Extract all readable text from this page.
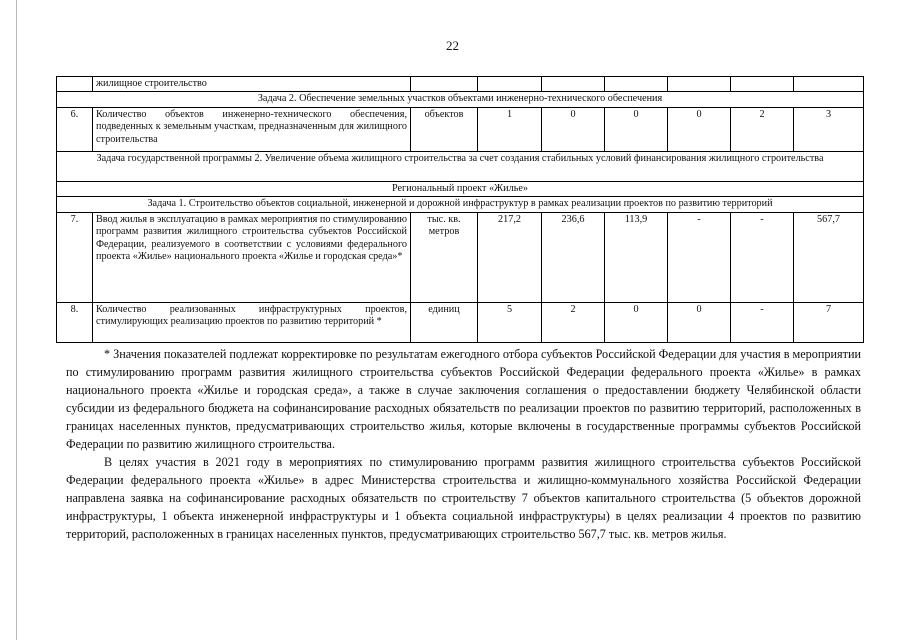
22
	жилищное строительство							
Задача 2. Обеспечение земельных участков объектами инженерно-технического обеспечения								
6.	Количество объектов инженерно-технического обеспечения, подведенных к земельным участкам, предназначенным для жилищного строительства	объектов	1	0	0	0	2	3
Задача государственной программы 2. Увеличение объема жилищного строительства за счет создания стабильных условий финансирования жилищного строительства								
Региональный проект «Жилье»								
Задача 1. Строительство объектов социальной, инженерной и дорожной инфраструктур в рамках реализации проектов по развитию территорий								
7.	Ввод жилья в эксплуатацию в рамках мероприятия по стимулированию программ развития жилищного строительства субъектов Российской Федерации, реализуемого в соответствии с условиями федерального проекта «Жилье» национального проекта «Жилье и городская среда»*	тыс. кв. метров	217,2	236,6	113,9	-	-	567,7
8.	Количество реализованных инфраструктурных проектов, стимулирующих реализацию проектов по развитию территорий *	единиц	5	2	0	0	-	7

* Значения показателей подлежат корректировке по результатам ежегодного отбора субъектов Российской Федерации для участия в мероприятии по стимулированию программ развития жилищного строительства субъектов Российской Федерации федерального проекта «Жилье» в рамках национального проекта «Жилье и городская среда», а также в случае заключения соглашения о предоставлении бюджету Челябинской области субсидии из федерального бюджета на софинансирование расходных обязательств по реализации проектов по развитию территорий, расположенных в границах населенных пунктов, предусматривающих строительство жилья, которые включены в государственные программы субъектов Российской Федерации по развитию жилищного строительства.

В целях участия в 2021 году в мероприятиях по стимулированию программ развития жилищного строительства субъектов Российской Федерации федерального проекта «Жилье» в адрес Министерства строительства и жилищно-коммунального хозяйства Российской Федерации направлена заявка на софинансирование расходных обязательств по строительству 7 объектов капитального строительства (5 объектов дорожной инфраструктуры, 1 объекта инженерной инфраструктуры и 1 объекта социальной инфраструктуры) в целях реализации 4 проектов по развитию территорий, расположенных в границах населенных пунктов, предусматривающих строительство 567,7 тыс. кв. метров жилья.
